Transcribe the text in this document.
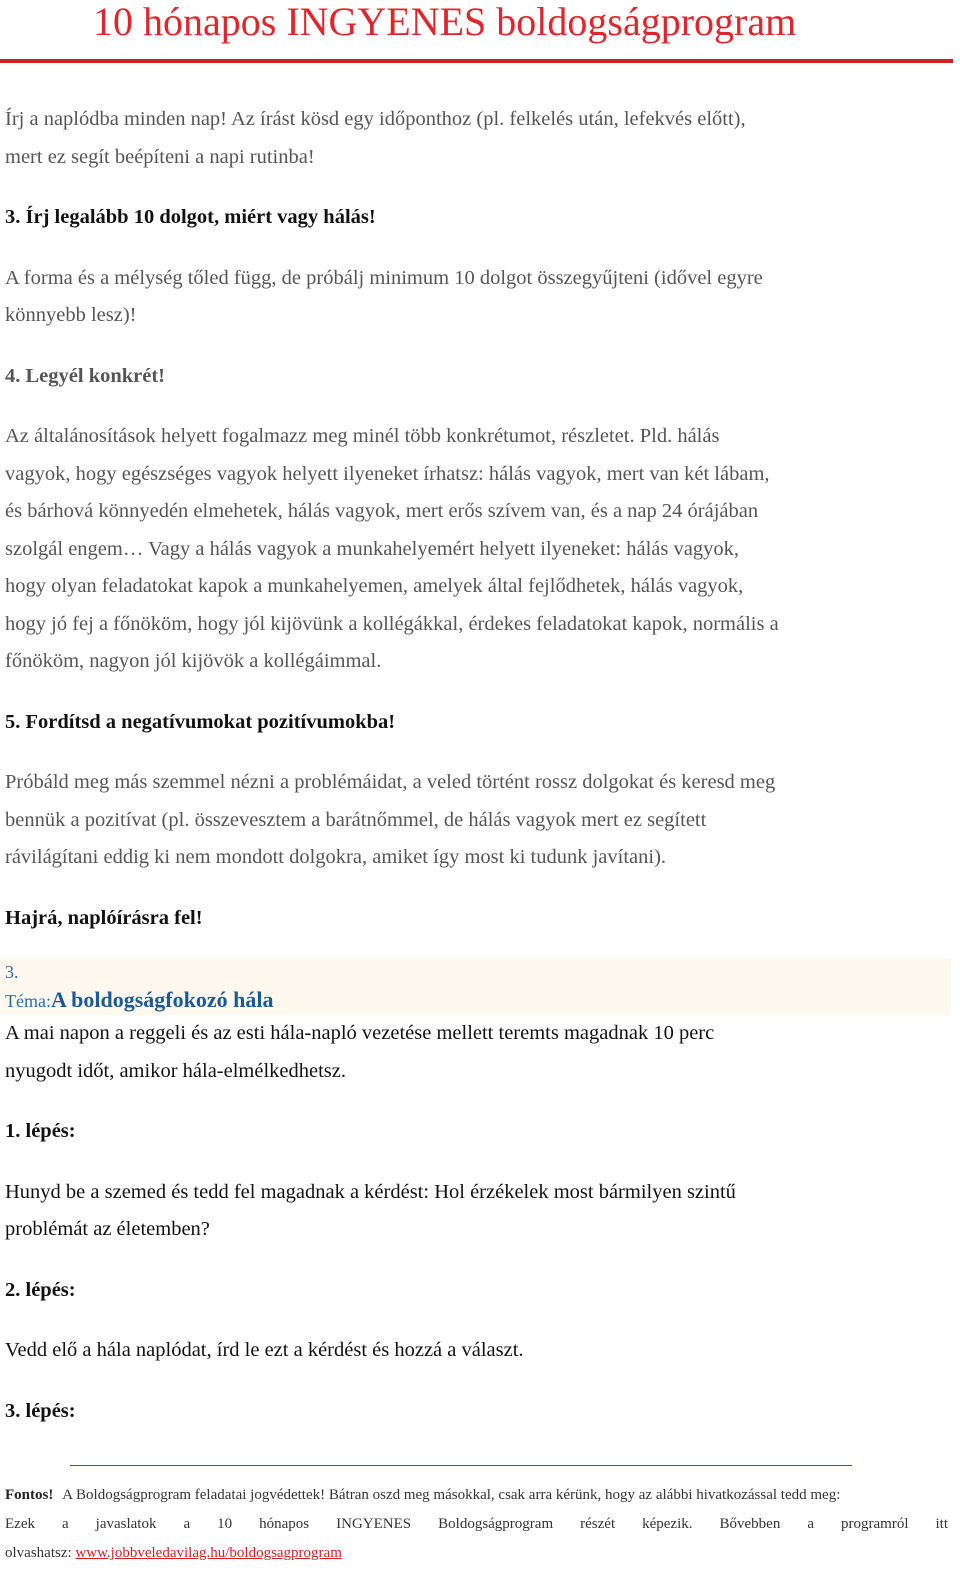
10 hónapos INGYENES boldogságprogram

Írj a naplódba minden nap! Az írást kösd egy időponthoz (pl. felkelés után, lefekvés előtt),

mert ez segít beépíteni a napi rutinba!

3. Írj legalább 10 dolgot, miért vagy hálás!

A forma és a mélység tőled függ, de próbálj minimum 10 dolgot összegyűjteni (idővel egyre

könnyebb lesz)!

4. Legyél konkrét!

Az általánosítások helyett fogalmazz meg minél több konkrétumot, részletet. Pld. hálás

vagyok, hogy egészséges vagyok helyett ilyeneket írhatsz: hálás vagyok, mert van két lábam,

és bárhová könnyedén elmehetek, hálás vagyok, mert erős szívem van, és a nap 24 órájában

szolgál engem… Vagy a hálás vagyok a munkahelyemért helyett ilyeneket: hálás vagyok,

hogy olyan feladatokat kapok a munkahelyemen, amelyek által fejlődhetek, hálás vagyok,

hogy jó fej a főnököm, hogy jól kijövünk a kollégákkal, érdekes feladatokat kapok, normális a

főnököm, nagyon jól kijövök a kollégáimmal.

5. Fordítsd a negatívumokat pozitívumokba!

Próbáld meg más szemmel nézni a problémáidat, a veled történt rossz dolgokat és keresd meg

bennük a pozitívat (pl. összevesztem a barátnőmmel, de hálás vagyok mert ez segített

rávilágítani eddig ki nem mondott dolgokra, amiket így most ki tudunk javítani).

Hajrá, naplóírásra fel!

3.

Téma:A boldogságfokozó hála

A mai napon a reggeli és az esti hála-napló vezetése mellett teremts magadnak 10 perc

nyugodt időt, amikor hála-elmélkedhetsz.

1. lépés:

Hunyd be a szemed és tedd fel magadnak a kérdést: Hol érzékelek most bármilyen szintű

problémát az életemben?

2. lépés:

Vedd elő a hála naplódat, írd le ezt a kérdést és hozzá a választ.

3. lépés:

Fontos! A Boldogságprogram feladatai jogvédettek! Bátran oszd meg másokkal, csak arra kérünk, hogy az alábbi hivatkozással tedd meg:
Ezek a javaslatok a 10 hónapos INGYENES Boldogságprogram részét képezik. Bővebben a programról itt
olvashatsz: www.jobbveledavilag.hu/boldogsagprogram
